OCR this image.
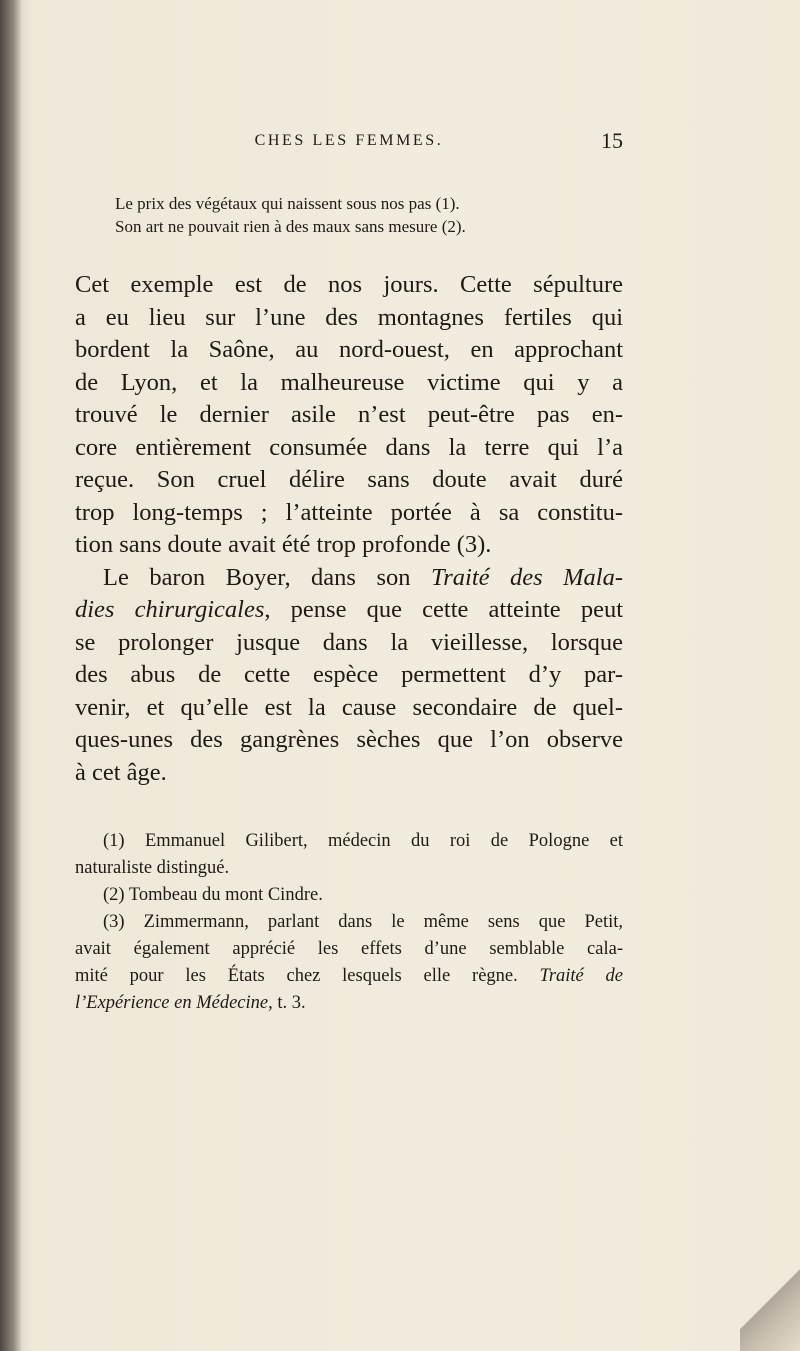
CHES LES FEMMES.	15
Le prix des végétaux qui naissent sous nos pas (1).
Son art ne pouvait rien à des maux sans mesure (2).
Cet exemple est de nos jours. Cette sépulture
a eu lieu sur l’une des montagnes fertiles qui
bordent la Saône, au nord-ouest, en approchant
de Lyon, et la malheureuse victime qui y a
trouvé le dernier asile n’est peut-être pas en-
core entièrement consumée dans la terre qui l’a
reçue. Son cruel délire sans doute avait duré
trop long-temps ; l’atteinte portée à sa constitu-
tion sans doute avait été trop profonde (3).
Le baron Boyer, dans son Traité des Mala-
dies chirurgicales, pense que cette atteinte peut
se prolonger jusque dans la vieillesse, lorsque
des abus de cette espèce permettent d’y par-
venir, et qu’elle est la cause secondaire de quel-
ques-unes des gangrènes sèches que l’on observe
à cet âge.
(1) Emmanuel Gilibert, médecin du roi de Pologne et
naturaliste distingué.
(2) Tombeau du mont Cindre.
(3) Zimmermann, parlant dans le même sens que Petit,
avait également apprécié les effets d’une semblable cala-
mité pour les États chez lesquels elle règne. Traité de
l’Expérience en Médecine, t. 3.
